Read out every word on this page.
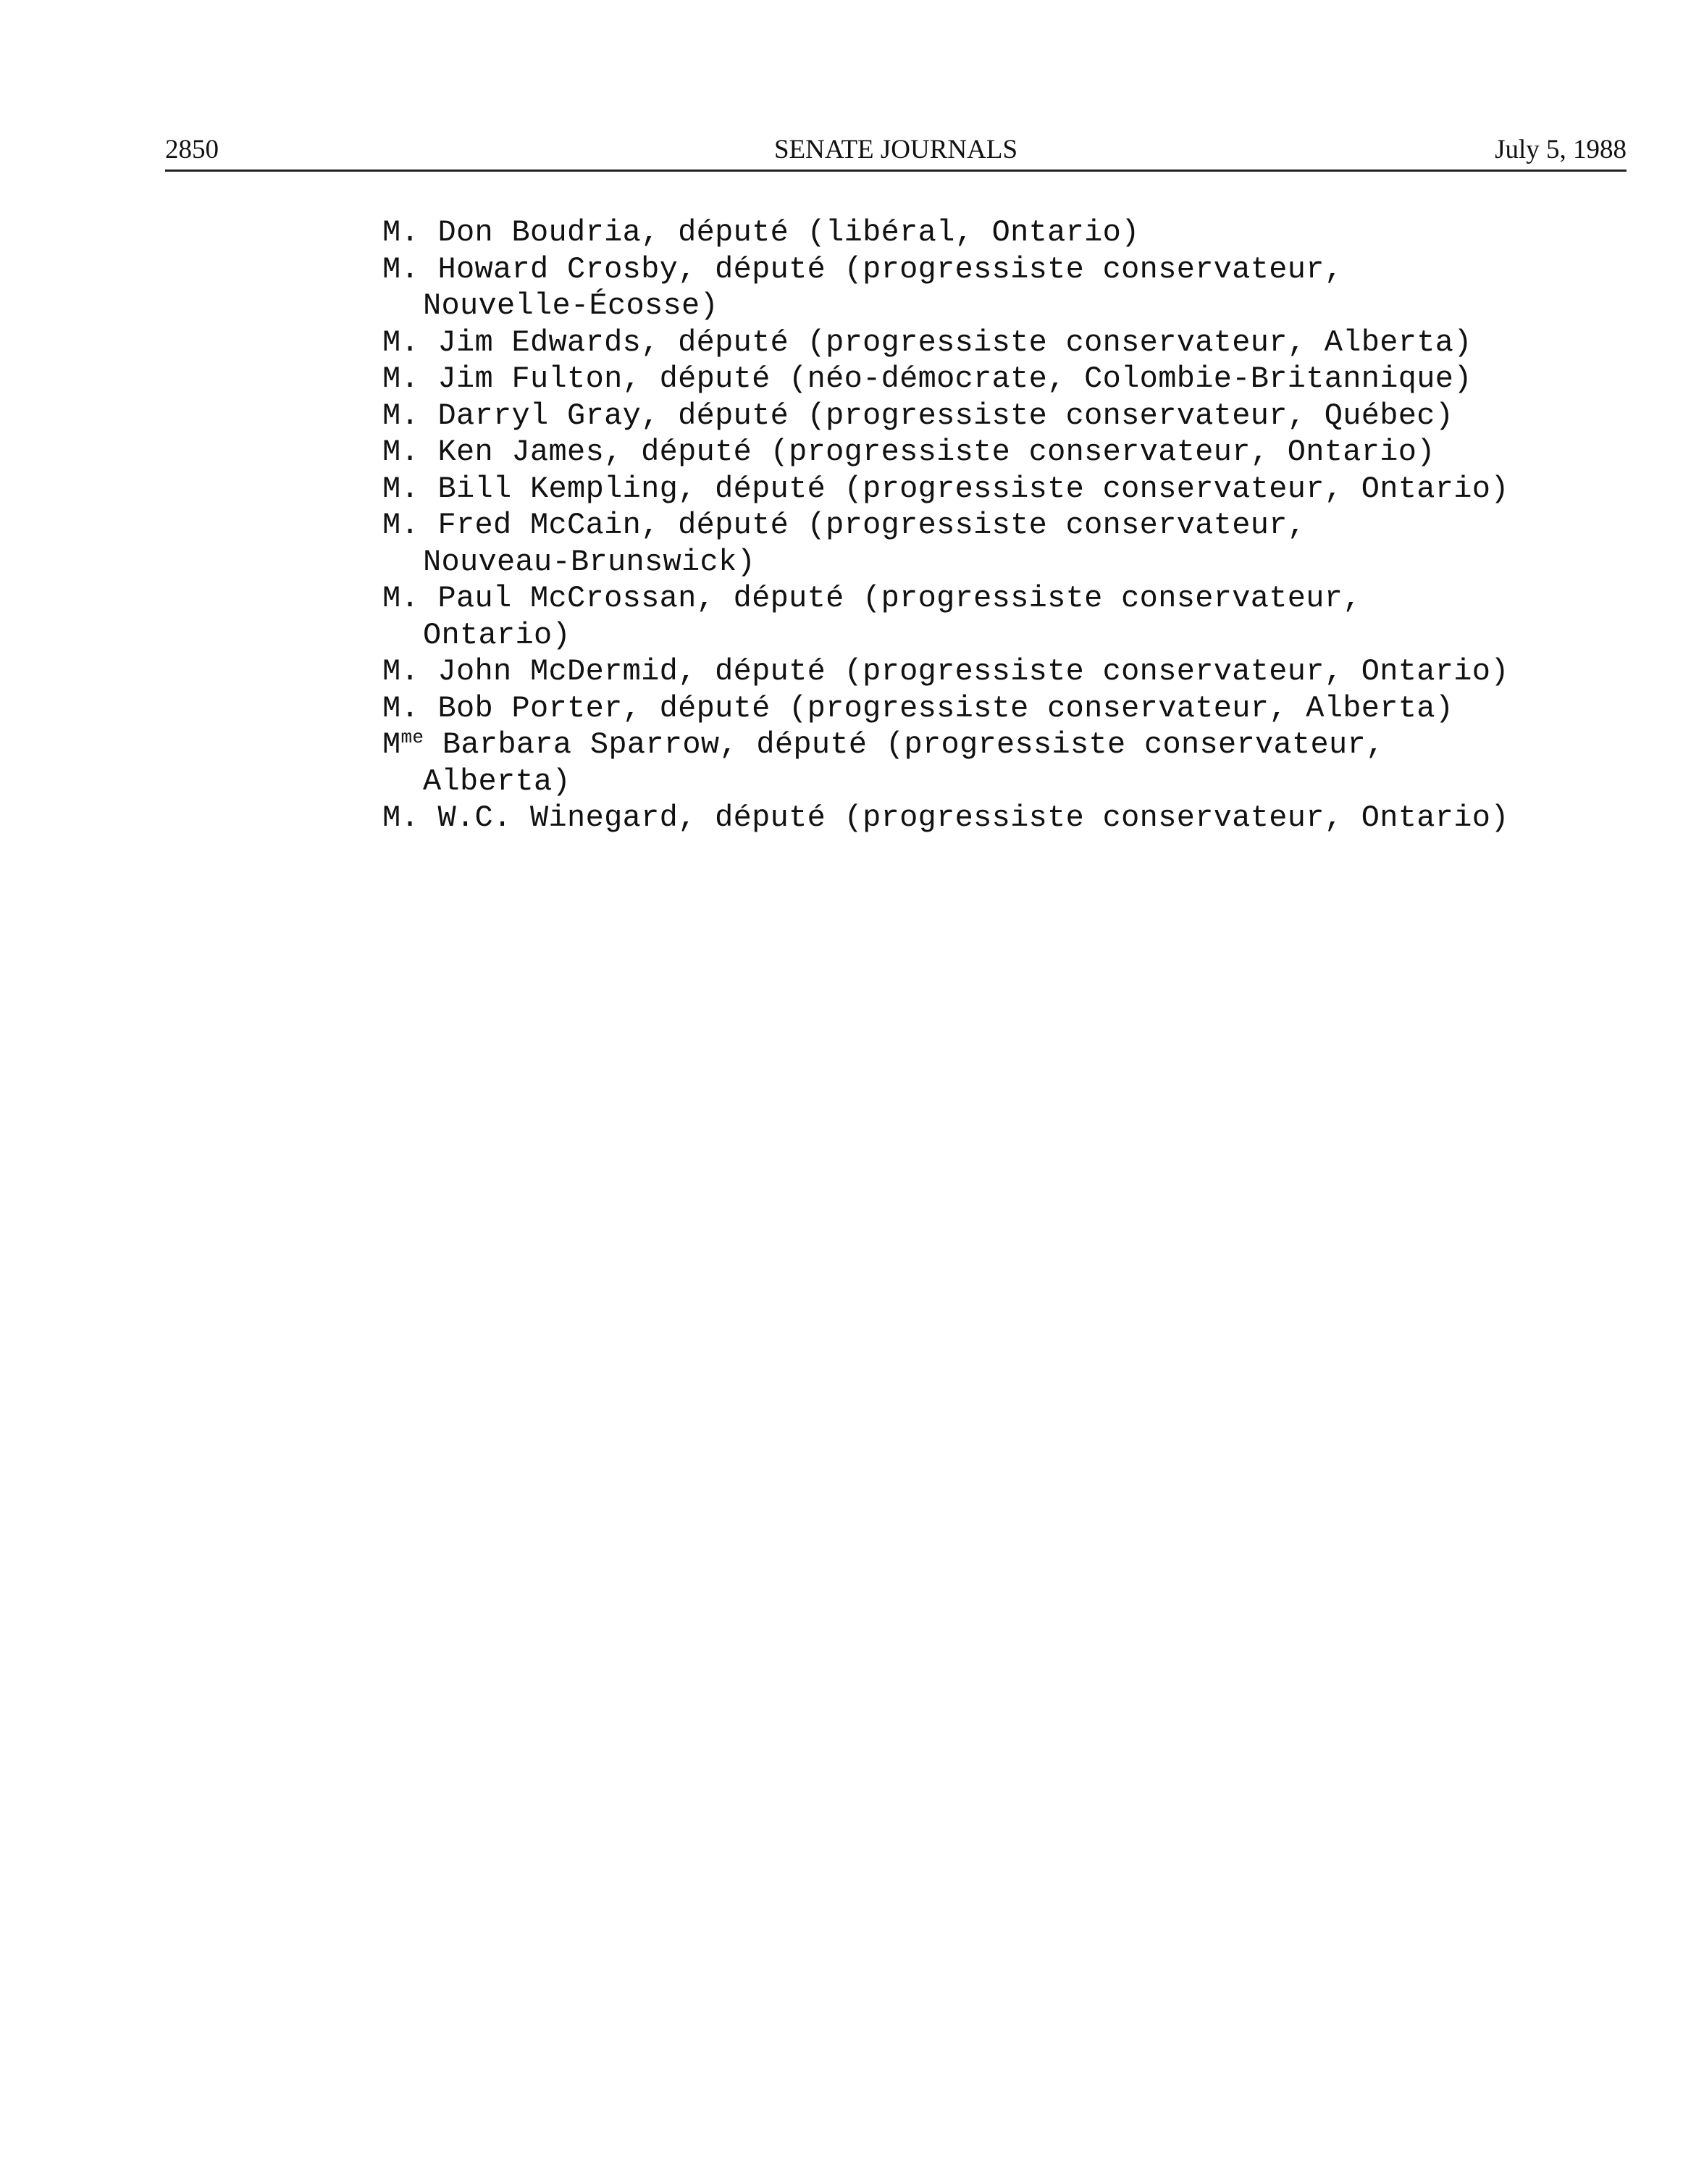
2850	SENATE JOURNALS	July 5, 1988
M. Don Boudria, député (libéral, Ontario)
M. Howard Crosby, député (progressiste conservateur,
Nouvelle-Écosse)
M. Jim Edwards, député (progressiste conservateur, Alberta)
M. Jim Fulton, député (néo-démocrate, Colombie-Britannique)
M. Darryl Gray, député (progressiste conservateur, Québec)
M. Ken James, député (progressiste conservateur, Ontario)
M. Bill Kempling, député (progressiste conservateur, Ontario)
M. Fred McCain, député (progressiste conservateur,
Nouveau-Brunswick)
M. Paul McCrossan, député (progressiste conservateur,
Ontario)
M. John McDermid, député (progressiste conservateur, Ontario)
M. Bob Porter, député (progressiste conservateur, Alberta)
$M^{me}$ Barbara Sparrow, député (progressiste conservateur,
Alberta)
M. W.C. Winegard, député (progressiste conservateur, Ontario)
